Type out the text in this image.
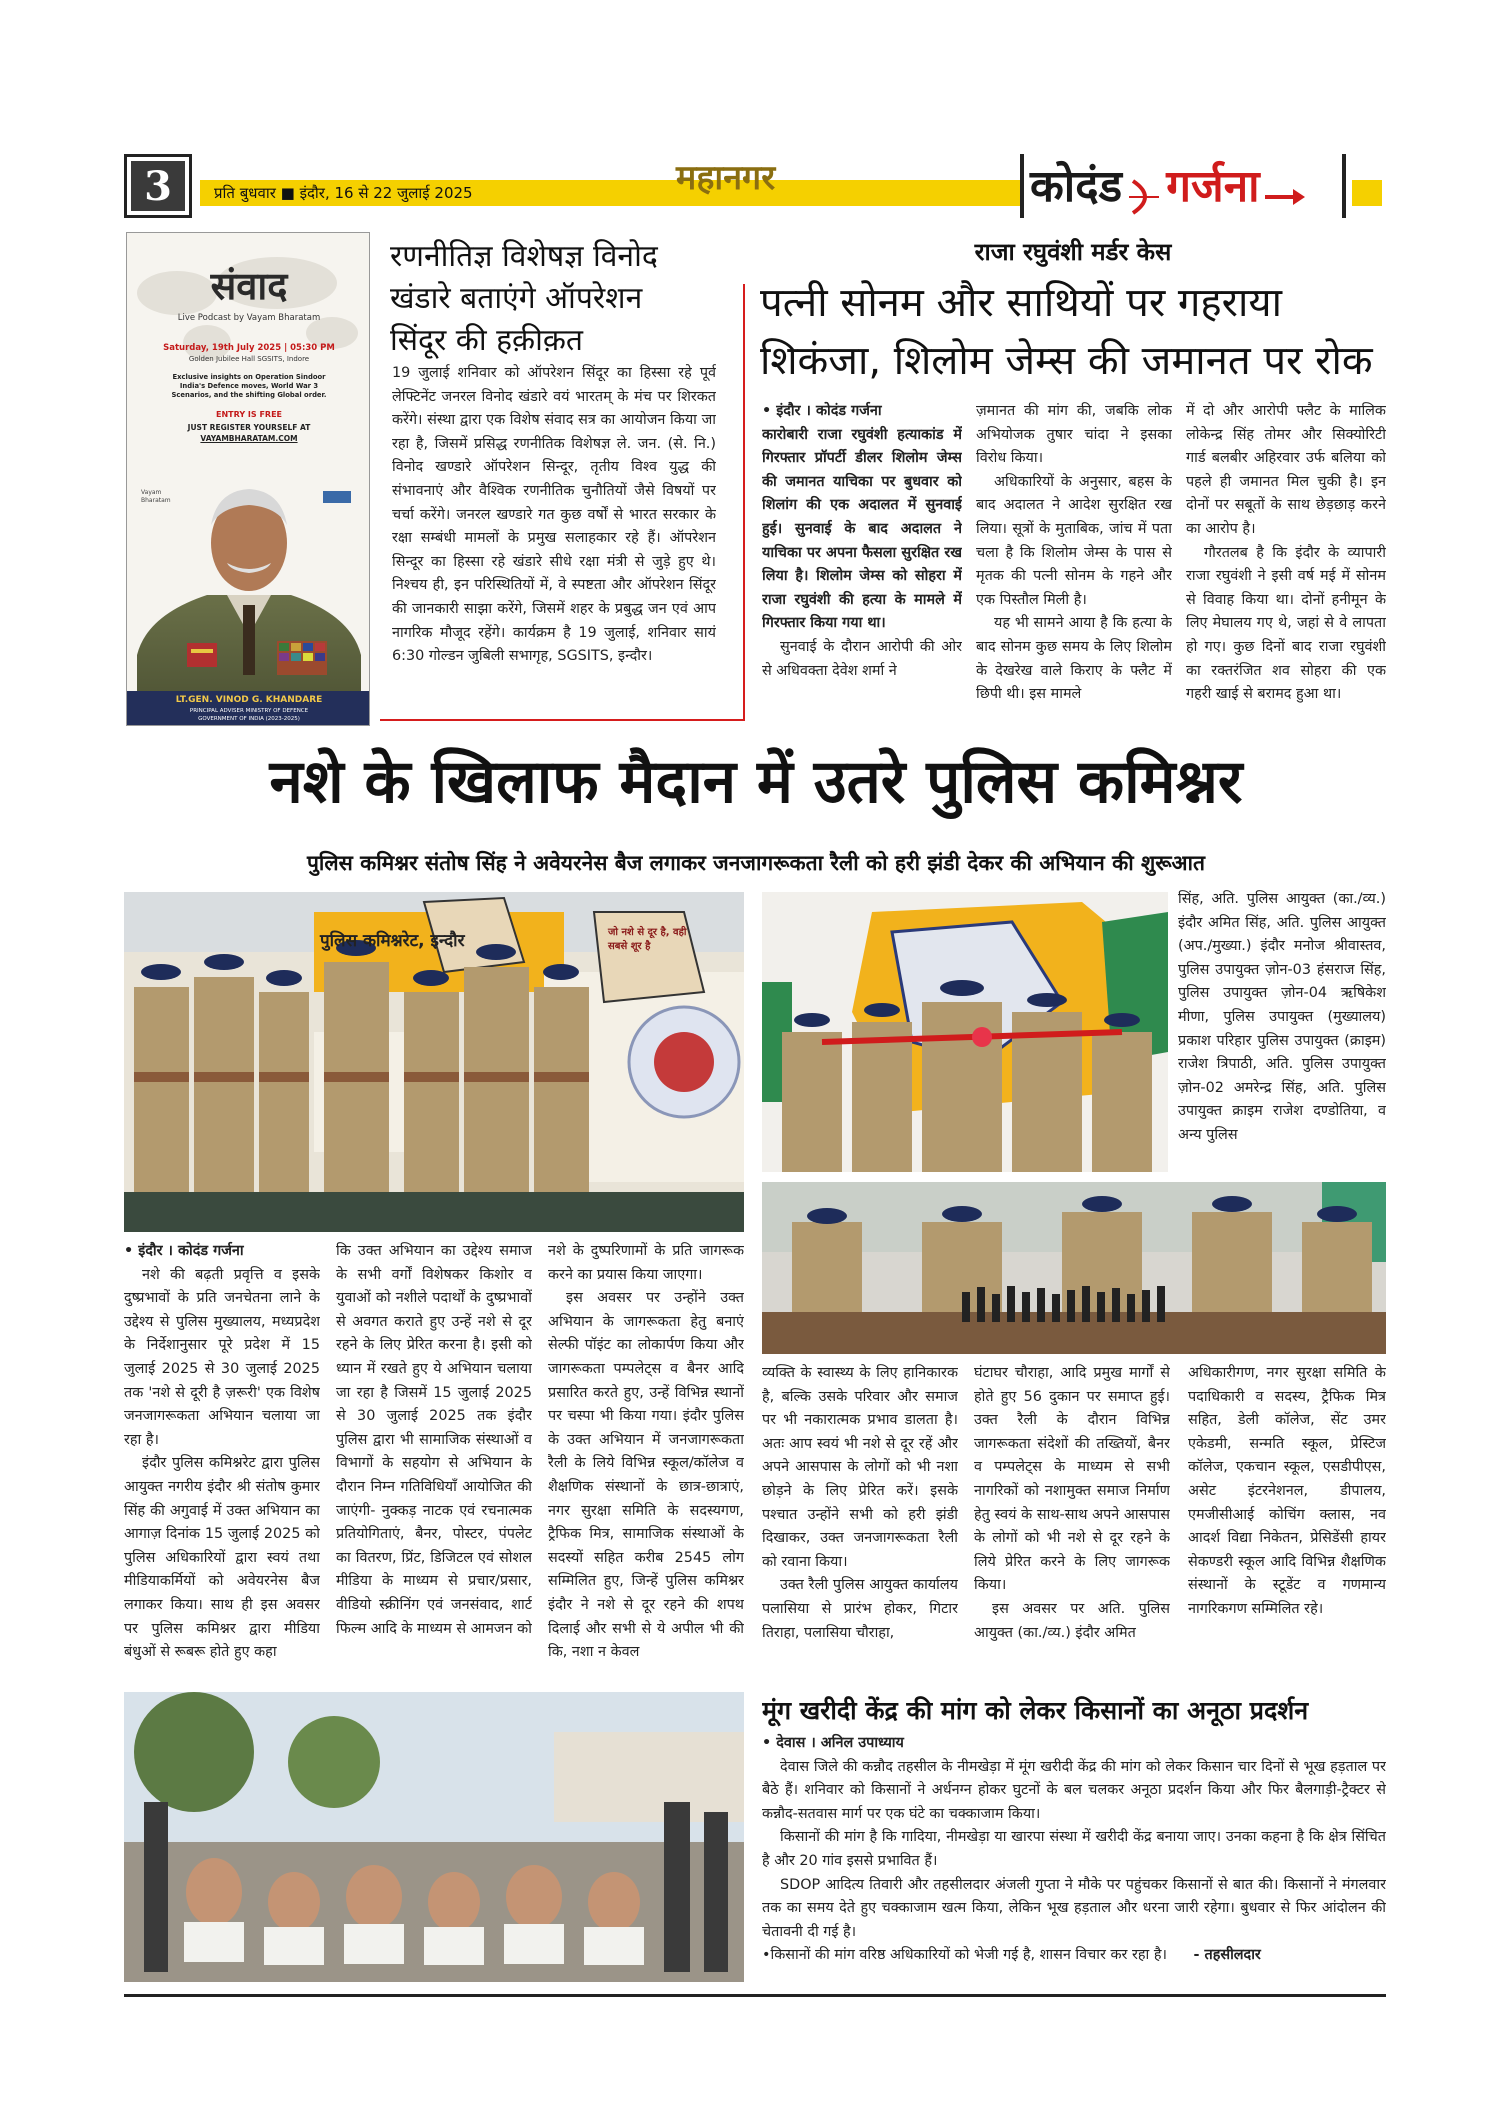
3	प्रति बुधवार ■ इंदौर, 16 से 22 जुलाई 2025	महानगर	कोदंड गर्जना
संवाद
Live Podcast by Vayam Bharatam
Saturday, 19th July 2025 | 05:30 PM
Golden Jubilee Hall SGSITS, Indore
Exclusive insights on Operation Sindoor India's Defence moves, World War 3 Scenarios, and the shifting Global order.
ENTRY IS FREE
JUST REGISTER YOURSELF AT
VAYAMBHARATAM.COM
Vayam Bharatam
LT.GEN. VINOD G. KHANDARE
PRINCIPAL ADVISER MINISTRY OF DEFENCE
GOVERNMENT OF INDIA (2023-2025)
रणनीतिज्ञ विशेषज्ञ विनोद
खंडारे बताएंगे ऑपरेशन
सिंदूर की हक़ीक़त

19 जुलाई शनिवार को ऑपरेशन सिंदूर का हिस्सा रहे पूर्व लेफ्टिनेंट जनरल विनोद खंडारे वयं भारतम् के मंच पर शिरकत करेंगे। संस्था द्वारा एक विशेष संवाद सत्र का आयोजन किया जा रहा है, जिसमें प्रसिद्ध रणनीतिक विशेषज्ञ ले. जन. (से. नि.) विनोद खण्डारे ऑपरेशन सिन्दूर, तृतीय विश्व युद्ध की संभावनाएं और वैश्विक रणनीतिक चुनौतियों जैसे विषयों पर चर्चा करेंगे। जनरल खण्डारे गत कुछ वर्षों से भारत सरकार के रक्षा सम्बंधी मामलों के प्रमुख सलाहकार रहे हैं। ऑपरेशन सिन्दूर का हिस्सा रहे खंडारे सीधे रक्षा मंत्री से जुड़े हुए थे। निश्चय ही, इन परिस्थितियों में, वे स्पष्टता और ऑपरेशन सिंदूर की जानकारी साझा करेंगे, जिसमें शहर के प्रबुद्ध जन एवं आप नागरिक मौजूद रहेंगे। कार्यक्रम है 19 जुलाई, शनिवार सायं 6:30 गोल्डन जुबिली सभागृह, SGSITS, इन्दौर।

राजा रघुवंशी मर्डर केस
पत्नी सोनम और साथियों पर गहराया
शिकंजा, शिलोम जेम्स की जमानत पर रोक

• इंदौर । कोदंड गर्जना

कारोबारी राजा रघुवंशी हत्याकांड में गिरफ्तार प्रॉपर्टी डीलर शिलोम जेम्स की जमानत याचिका पर बुधवार को शिलांग की एक अदालत में सुनवाई हुई। सुनवाई के बाद अदालत ने याचिका पर अपना फैसला सुरक्षित रख लिया है। शिलोम जेम्स को सोहरा में राजा रघुवंशी की हत्या के मामले में गिरफ्तार किया गया था।

सुनवाई के दौरान आरोपी की ओर से अधिवक्ता देवेश शर्मा ने

ज़मानत की मांग की, जबकि लोक अभियोजक तुषार चांदा ने इसका विरोध किया।

अधिकारियों के अनुसार, बहस के बाद अदालत ने आदेश सुरक्षित रख लिया। सूत्रों के मुताबिक, जांच में पता चला है कि शिलोम जेम्स के पास से मृतक की पत्नी सोनम के गहने और एक पिस्तौल मिली है।

यह भी सामने आया है कि हत्या के बाद सोनम कुछ समय के लिए शिलोम के देखरेख वाले किराए के फ्लैट में छिपी थी। इस मामले

में दो और आरोपी फ्लैट के मालिक लोकेन्द्र सिंह तोमर और सिक्योरिटी गार्ड बलबीर अहिरवार उर्फ बलिया को पहले ही जमानत मिल चुकी है। इन दोनों पर सबूतों के साथ छेड़छाड़ करने का आरोप है।

गौरतलब है कि इंदौर के व्यापारी राजा रघुवंशी ने इसी वर्ष मई में सोनम से विवाह किया था। दोनों हनीमून के लिए मेघालय गए थे, जहां से वे लापता हो गए। कुछ दिनों बाद राजा रघुवंशी का रक्तरंजित शव सोहरा की एक गहरी खाई से बरामद हुआ था।

नशे के खिलाफ मैदान में उतरे पुलिस कमिश्नर
पुलिस कमिश्नर संतोष सिंह ने अवेयरनेस बैज लगाकर जनजागरूकता रैली को हरी झंडी देकर की अभियान की शुरूआत
पुलिस कमिश्नरेट, इन्दौर	जो नशे से दूर है, वही सबसे शूर है

सिंह, अति. पुलिस आयुक्त (का./व्य.) इंदौर अमित सिंह, अति. पुलिस आयुक्त (अप./मुख्या.) इंदौर मनोज श्रीवास्तव, पुलिस उपायुक्त ज़ोन-03 हंसराज सिंह, पुलिस उपायुक्त ज़ोन-04 ऋषिकेश मीणा, पुलिस उपायुक्त (मुख्यालय) प्रकाश परिहार पुलिस उपायुक्त (क्राइम) राजेश त्रिपाठी, अति. पुलिस उपायुक्त ज़ोन-02 अमरेन्द्र सिंह, अति. पुलिस उपायुक्त क्राइम राजेश दण्डोतिया, व अन्य पुलिस

• इंदौर । कोदंड गर्जना

नशे की बढ़ती प्रवृत्ति व इसके दुष्प्रभावों के प्रति जनचेतना लाने के उद्देश्य से पुलिस मुख्यालय, मध्यप्रदेश के निर्देशानुसार पूरे प्रदेश में 15 जुलाई 2025 से 30 जुलाई 2025 तक 'नशे से दूरी है ज़रूरी' एक विशेष जनजागरूकता अभियान चलाया जा रहा है।

इंदौर पुलिस कमिश्नरेट द्वारा पुलिस आयुक्त नगरीय इंदौर श्री संतोष कुमार सिंह की अगुवाई में उक्त अभियान का आगाज़ दिनांक 15 जुलाई 2025 को पुलिस अधिकारियों द्वारा स्वयं तथा मीडियाकर्मियों को अवेयरनेस बैज लगाकर किया। साथ ही इस अवसर पर पुलिस कमिश्नर द्वारा मीडिया बंधुओं से रूबरू होते हुए कहा

कि उक्त अभियान का उद्देश्य समाज के सभी वर्गों विशेषकर किशोर व युवाओं को नशीले पदार्थों के दुष्प्रभावों से अवगत कराते हुए उन्हें नशे से दूर रहने के लिए प्रेरित करना है। इसी को ध्यान में रखते हुए ये अभियान चलाया जा रहा है जिसमें 15 जुलाई 2025 से 30 जुलाई 2025 तक इंदौर पुलिस द्वारा भी सामाजिक संस्थाओं व विभागों के सहयोग से अभियान के दौरान निम्न गतिविधियाँ आयोजित की जाएंगी- नुक्कड़ नाटक एवं रचनात्मक प्रतियोगिताएं, बैनर, पोस्टर, पंपलेट का वितरण, प्रिंट, डिजिटल एवं सोशल मीडिया के माध्यम से प्रचार/प्रसार, वीडियो स्क्रीनिंग एवं जनसंवाद, शार्ट फिल्म आदि के माध्यम से आमजन को

नशे के दुष्परिणामों के प्रति जागरूक करने का प्रयास किया जाएगा।

इस अवसर पर उन्होंने उक्त अभियान के जागरूकता हेतु बनाएं सेल्फी पॉइंट का लोकार्पण किया और जागरूकता पम्पलेट्स व बैनर आदि प्रसारित करते हुए, उन्हें विभिन्न स्थानों पर चस्पा भी किया गया। इंदौर पुलिस के उक्त अभियान में जनजागरूकता रैली के लिये विभिन्न स्कूल/कॉलेज व शैक्षणिक संस्थानों के छात्र-छात्राएं, नगर सुरक्षा समिति के सदस्यगण, ट्रैफिक मित्र, सामाजिक संस्थाओं के सदस्यों सहित करीब 2545 लोग सम्मिलित हुए, जिन्हें पुलिस कमिश्नर इंदौर ने नशे से दूर रहने की शपथ दिलाई और सभी से ये अपील भी की कि, नशा न केवल

व्यक्ति के स्वास्थ्य के लिए हानिकारक है, बल्कि उसके परिवार और समाज पर भी नकारात्मक प्रभाव डालता है। अतः आप स्वयं भी नशे से दूर रहें और अपने आसपास के लोगों को भी नशा छोड़ने के लिए प्रेरित करें। इसके पश्चात उन्होंने सभी को हरी झंडी दिखाकर, उक्त जनजागरूकता रैली को रवाना किया।

उक्त रैली पुलिस आयुक्त कार्यालय पलासिया से प्रारंभ होकर, गिटार तिराहा, पलासिया चौराहा,

घंटाघर चौराहा, आदि प्रमुख मार्गों से होते हुए 56 दुकान पर समाप्त हुई। उक्त रैली के दौरान विभिन्न जागरूकता संदेशों की तख्तियों, बैनर व पम्पलेट्स के माध्यम से सभी नागरिकों को नशामुक्त समाज निर्माण हेतु स्वयं के साथ-साथ अपने आसपास के लोगों को भी नशे से दूर रहने के लिये प्रेरित करने के लिए जागरूक किया।

इस अवसर पर अति. पुलिस आयुक्त (का./व्य.) इंदौर अमित

अधिकारीगण, नगर सुरक्षा समिति के पदाधिकारी व सदस्य, ट्रैफिक मित्र सहित, डेली कॉलेज, सेंट उमर एकेडमी, सन्मति स्कूल, प्रेस्टिज कॉलेज, एकचान स्कूल, एसडीपीएस, असेट इंटरनेशनल, डीपालय, एमजीसीआई कोचिंग क्लास, नव आदर्श विद्या निकेतन, प्रेसिडेंसी हायर सेकण्डरी स्कूल आदि विभिन्न शैक्षणिक संस्थानों के स्टूडेंट व गणमान्य नागरिकगण सम्मिलित रहे।

मूंग खरीदी केंद्र की मांग को लेकर किसानों का अनूठा प्रदर्शन

• देवास । अनिल उपाध्याय

देवास जिले की कन्नौद तहसील के नीमखेड़ा में मूंग खरीदी केंद्र की मांग को लेकर किसान चार दिनों से भूख हड़ताल पर बैठे हैं। शनिवार को किसानों ने अर्धनग्न होकर घुटनों के बल चलकर अनूठा प्रदर्शन किया और फिर बैलगाड़ी-ट्रैक्टर से कन्नौद-सतवास मार्ग पर एक घंटे का चक्काजाम किया।

किसानों की मांग है कि गादिया, नीमखेड़ा या खारपा संस्था में खरीदी केंद्र बनाया जाए। उनका कहना है कि क्षेत्र सिंचित है और 20 गांव इससे प्रभावित हैं।

SDOP आदित्य तिवारी और तहसीलदार अंजली गुप्ता ने मौके पर पहुंचकर किसानों से बात की। किसानों ने मंगलवार तक का समय देते हुए चक्काजाम खत्म किया, लेकिन भूख हड़ताल और धरना जारी रहेगा। बुधवार से फिर आंदोलन की चेतावनी दी गई है।

•किसानों की मांग वरिष्ठ अधिकारियों को भेजी गई है, शासन विचार कर रहा है। - तहसीलदार
